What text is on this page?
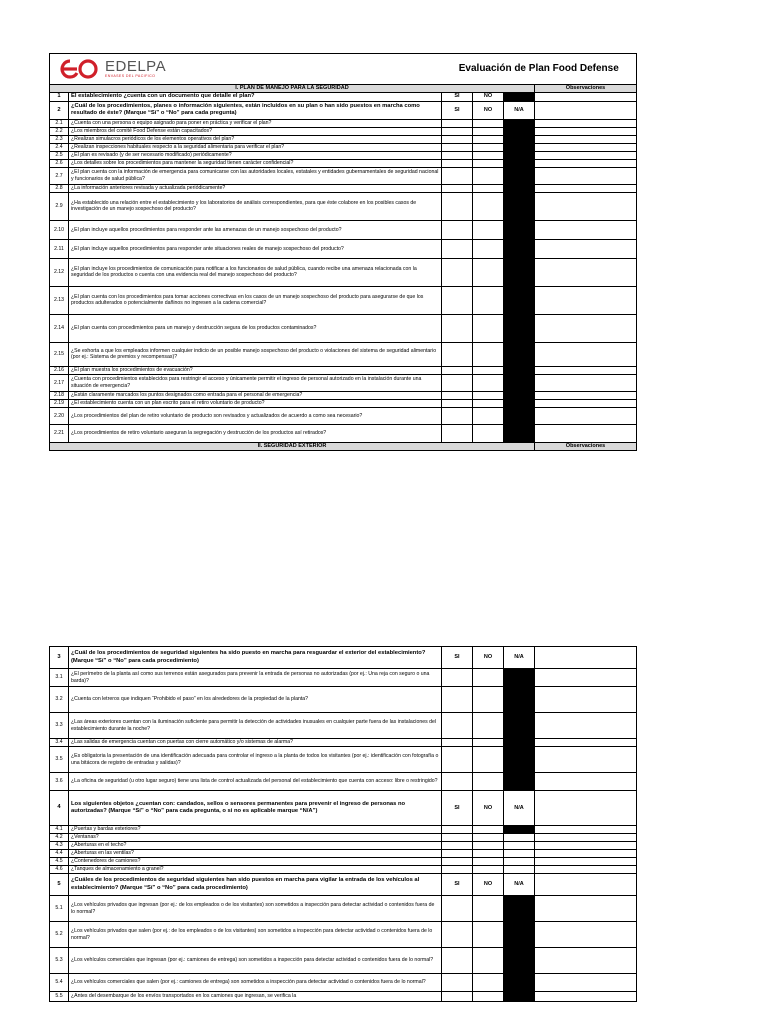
EDELPA
ENVASES DEL PACIFICO		Evaluación de Plan Food Defense			
I. PLAN DE MANEJO PARA LA SEGURIDAD					Observaciones
1	El establecimiento ¿cuenta con un documento que detalle el plan?	SI	NO		
2	¿Cuál de los procedimientos, planes o información siguientes, están incluidos en su plan o han sido puestos en marcha como resultado de éste? (Marque “Sí” o “No” para cada pregunta)	SI	NO	N/A	
2.1	¿Cuenta con una persona o equipo asignado para poner en práctica y verificar el plan?				
2.2	¿Los miembros del comité Food Defense están capacitados?				
2.3	¿Realizan simulacros periódicos de los elementos operativos del plan?				
2.4	¿Realizan inspecciones habituales respecto a la seguridad alimentaria para verificar el plan?				
2.5	¿El plan es revisado (y de ser necesario modificado) periódicamente?				
2.6	¿Los detalles sobre los procedimientos para mantener la seguridad tienen carácter confidencial?				
2.7	¿El plan cuenta con la información de emergencia para comunicarse con las autoridades locales, estatales y entidades gubernamentales de seguridad nacional y funcionarios de salud pública?				
2.8	¿La información anteriores revisada y actualizada periódicamente?				
2.9	¿Ha establecido una relación entre el establecimiento y los laboratorios de análisis correspondientes, para que éste colabore en los posibles casos de investigación de un manejo sospechoso del producto?				
2.10	¿El plan incluye aquellos procedimientos para responder ante las amenazas de un manejo sospechoso del producto?				
2.11	¿El plan incluye aquellos procedimientos para responder ante situaciones reales de manejo sospechoso del producto?				
2.12	¿El plan incluye los procedimientos de comunicación para notificar a los funcionarios de salud pública, cuando recibe una amenaza relacionada con la seguridad de los productos o cuenta con una evidencia real del manejo sospechoso del producto?				
2.13	¿El plan cuenta con los procedimientos para tomar acciones correctivas en los casos de un manejo sospechoso del producto para asegurarse de que los productos adulterados o potencialmente dañinos no ingresen a la cadena comercial?				
2.14	¿El plan cuenta con procedimientos para un manejo y destrucción segura de los productos contaminados?				
2.15	¿Se exhorta a que los empleados informen cualquier indicio de un posible manejo sospechoso del producto o violaciones del sistema de seguridad alimentario (por ej.: Sistema de premios y recompensas)?				
2.16	¿El plan muestra los procedimientos de evacuación?				
2.17	¿Cuenta con procedimientos establecidos para restringir el acceso y únicamente permitir el ingreso de personal autorizado en la instalación durante una situación de emergencia?				
2.18	¿Están claramente marcados los puntos designados como entrada para el personal de emergencia?				
2.19	¿El establecimiento cuenta con un plan escrito para el retiro voluntario de producto?				
2.20	¿Los procedimientos del plan de retiro voluntario de producto son revisados y actualizados de acuerdo a como sea necesario?				
2.21	¿Los procedimientos de retiro voluntario aseguran la segregación y destrucción de los productos así retirados?				
II. SEGURIDAD EXTERIOR					Observaciones
3	¿Cuál de los procedimientos de seguridad siguientes ha sido puesto en marcha para resguardar el exterior del establecimiento? (Marque “Sí” o “No” para cada procedimiento)	SI	NO	N/A	
3.1	¿El perímetro de la planta así como sus terrenos están asegurados para prevenir la entrada de personas no autorizadas (por ej.: Una reja con seguro o una barda)?				
3.2	¿Cuenta con letreros que indiquen “Prohibido el paso” en los alrededores de la propiedad de la planta?				
3.3	¿Las áreas exteriores cuentan con la iluminación suficiente para permitir la detección de actividades inusuales en cualquier parte fuera de las instalaciones del establecimiento durante la noche?				
3.4	¿Las salidas de emergencia cuentan con puertas con cierre automático y/o sistemas de alarma?				
3.5	¿Es obligatoria la presentación de una identificación adecuada para controlar el ingreso a la planta de todos los visitantes (por ej.: identificación con fotografía o una bitácora de registro de entradas y salidas)?				
3.6	¿La oficina de seguridad (u otro lugar seguro) tiene una lista de control actualizada del personal del establecimiento que cuenta con acceso: libre o restringido?				
4	Los siguientes objetos ¿cuentan con: candados, sellos o sensores permanentes para prevenir el ingreso de personas no autorizadas? (Marque “Sí” o “No” para cada pregunta, o si no es aplicable marque “N/A”)	SI	NO	N/A	
4.1	¿Puertas y bardas exteriores?				
4.2	¿Ventanas?				
4.3	¿Aberturas en el techo?				
4.4	¿Aberturas en las ventilas?				
4.5	¿Contenedores de camiones?				
4.6	¿Tanques de almacenamiento a granel?				
5	¿Cuáles de los procedimientos de seguridad siguientes han sido puestos en marcha para vigilar la entrada de los vehículos al establecimiento? (Marque “Sí” o “No” para cada procedimiento)	SI	NO	N/A	
5.1	¿Los vehículos privados que ingresan (por ej.: de los empleados o de los visitantes) son sometidos a inspección para detectar actividad o contenidos fuera de lo normal?				
5.2	¿Los vehículos privados que salen (por ej.: de los empleados o de los visitantes) son sometidos a inspección para detectar actividad o contenidos fuera de lo normal?				
5.3	¿Los vehículos comerciales que ingresan (por ej.: camiones de entrega) son sometidos a inspección para detectar actividad o contenidos fuera de lo normal?				
5.4	¿Los vehículos comerciales que salen (por ej.: camiones de entrega) son sometidos a inspección para detectar actividad o contenidos fuera de lo normal?				
5.5	¿Antes del desembarque de los envíos transportados en los camiones que ingresan, se verifica la				
